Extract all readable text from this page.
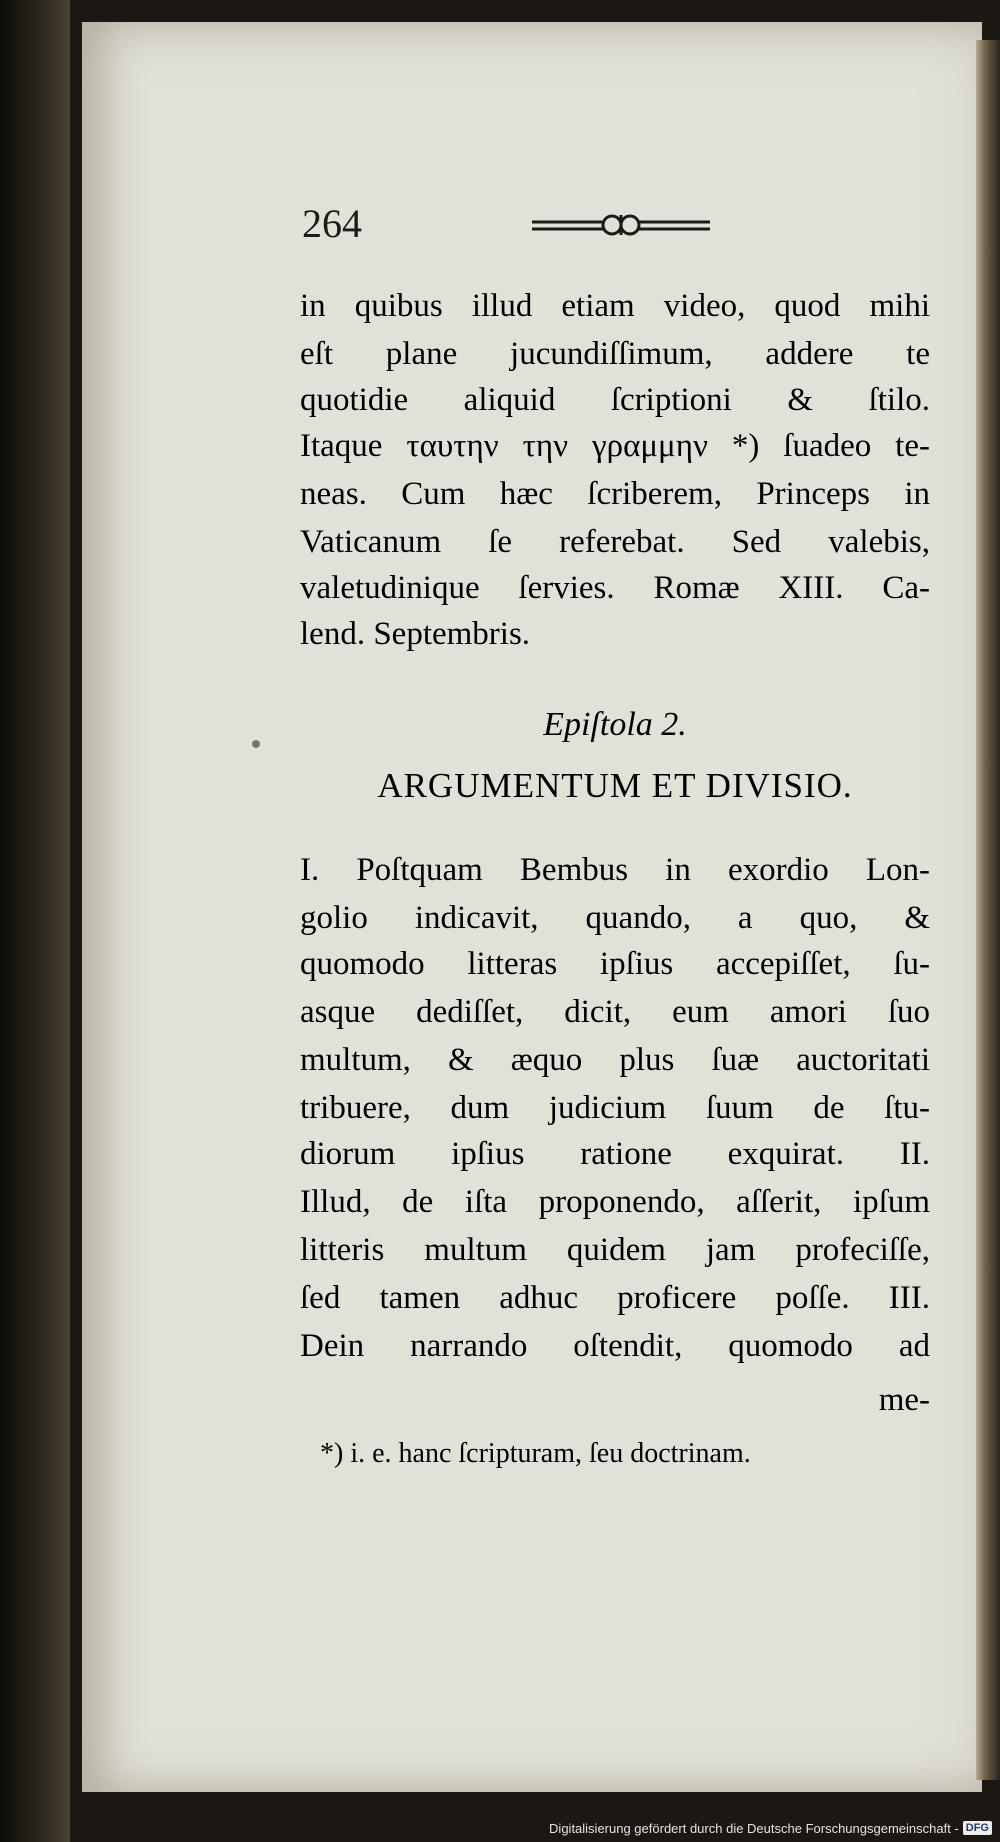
264
in quibus illud etiam video, quod mihi
eſt plane jucundiſſimum, addere te
quotidie aliquid ſcriptioni & ſtilo.
Itaque ταυτην την γραμμην *) ſuadeo te-
neas. Cum hæc ſcriberem, Princeps in
Vaticanum ſe referebat. Sed valebis,
valetudinique ſervies. Romæ XIII. Ca-
lend. Septembris.
Epiſtola 2.
ARGUMENTUM ET DIVISIO.
I. Poſtquam Bembus in exordio Lon-
golio indicavit, quando, a quo, &
quomodo litteras ipſius accepiſſet, ſu-
asque dediſſet, dicit, eum amori ſuo
multum, & æquo plus ſuæ auctoritati
tribuere, dum judicium ſuum de ſtu-
diorum ipſius ratione exquirat. II.
Illud, de iſta proponendo, aſſerit, ipſum
litteris multum quidem jam profeciſſe,
ſed tamen adhuc proficere poſſe. III.
Dein narrando oſtendit, quomodo ad
me-
*) i. e. hanc ſcripturam, ſeu doctrinam.
Digitalisierung gefördert durch die Deutsche Forschungsgemeinschaft - DFG
